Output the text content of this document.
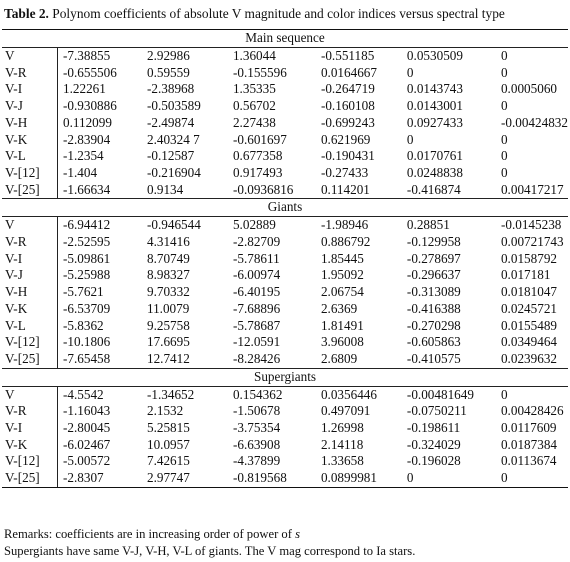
Table 2. Polynom coefficients of absolute V magnitude and color indices versus spectral type
Main sequence						
V	-7.38855	2.92986	1.36044	-0.551185	0.0530509	0
V-R	-0.655506	0.59559	-0.155596	0.0164667	0	0
V-I	1.22261	-2.38968	1.35335	-0.264719	0.0143743	0.0005060
V-J	-0.930886	-0.503589	0.56702	-0.160108	0.0143001	0
V-H	0.112099	-2.49874	2.27438	-0.699243	0.0927433	-0.00424832
V-K	-2.83904	2.40324 7	-0.601697	0.621969	0	0
V-L	-1.2354	-0.12587	0.677358	-0.190431	0.0170761	0
V-[12]	-1.404	-0.216904	0.917493	-0.27433	0.0248838	0
V-[25]	-1.66634	0.9134	-0.0936816	0.114201	-0.416874	0.00417217
Giants						
V	-6.94412	-0.946544	5.02889	-1.98946	0.28851	-0.0145238
V-R	-2.52595	4.31416	-2.82709	0.886792	-0.129958	0.00721743
V-I	-5.09861	8.70749	-5.78611	1.85445	-0.278697	0.0158792
V-J	-5.25988	8.98327	-6.00974	1.95092	-0.296637	0.017181
V-H	-5.7621	9.70332	-6.40195	2.06754	-0.313089	0.0181047
V-K	-6.53709	11.0079	-7.68896	2.6369	-0.416388	0.0245721
V-L	-5.8362	9.25758	-5.78687	1.81491	-0.270298	0.0155489
V-[12]	-10.1806	17.6695	-12.0591	3.96008	-0.605863	0.0349464
V-[25]	-7.65458	12.7412	-8.28426	2.6809	-0.410575	0.0239632
Supergiants						
V	-4.5542	-1.34652	0.154362	0.0356446	-0.00481649	0
V-R	-1.16043	2.1532	-1.50678	0.497091	-0.0750211	0.00428426
V-I	-2.80045	5.25815	-3.75354	1.26998	-0.198611	0.0117609
V-K	-6.02467	10.0957	-6.63908	2.14118	-0.324029	0.0187384
V-[12]	-5.00572	7.42615	-4.37899	1.33658	-0.196028	0.0113674
V-[25]	-2.8307	2.97747	-0.819568	0.0899981	0	0
Remarks: coefficients are in increasing order of power of s
Supergiants have same V-J, V-H, V-L of giants. The V mag correspond to Ia stars.
